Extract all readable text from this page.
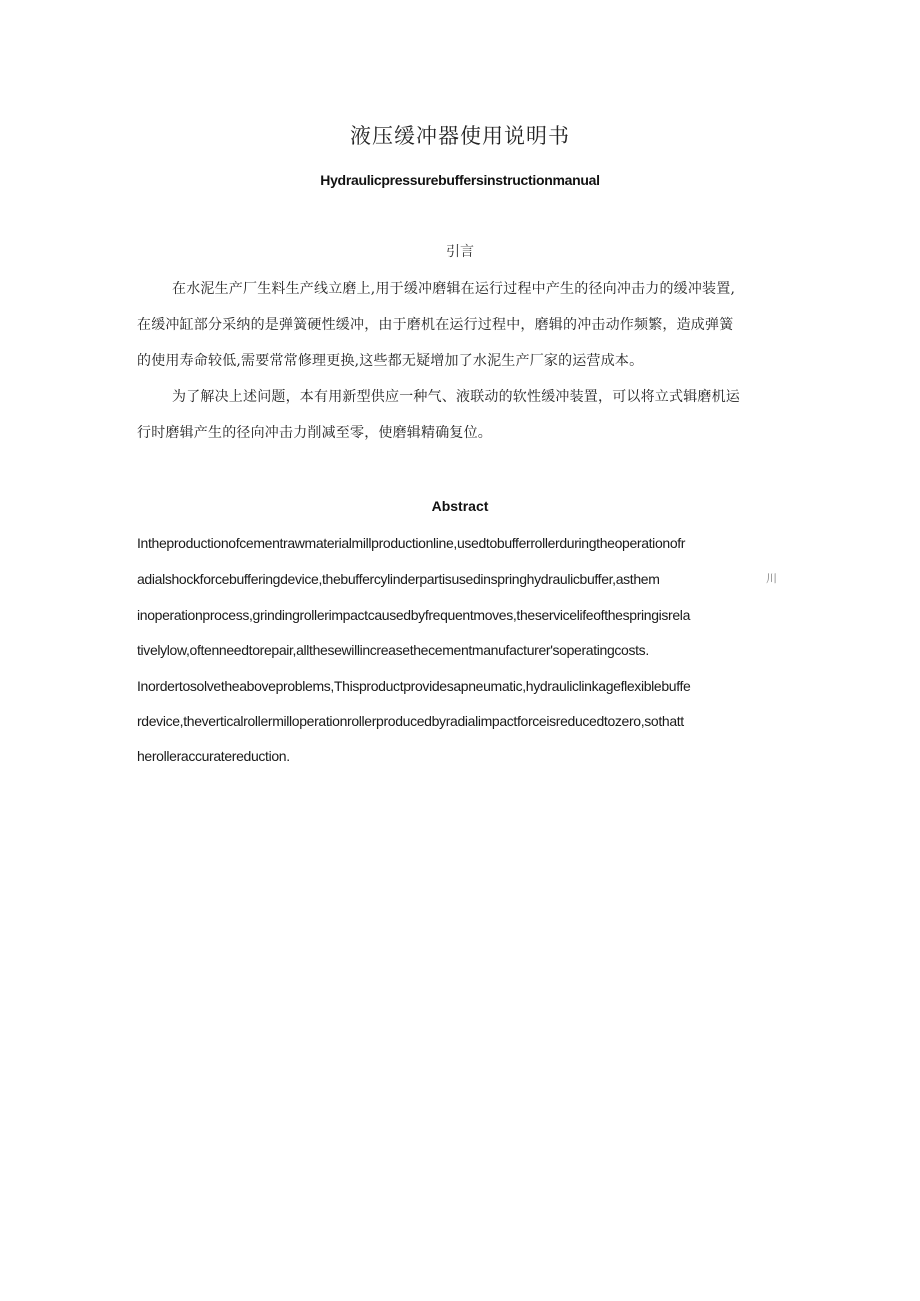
液压缓冲器使用说明书
Hydraulicpressurebuffersinstructionmanual
引言
在水泥生产厂生料生产线立磨上,用于缓冲磨辑在运行过程中产生的径向冲击力的缓冲装置,
在缓冲缸部分采纳的是弹簧硬性缓冲，由于磨机在运行过程中，磨辑的冲击动作频繁，造成弹簧
的使用寿命较低,需要常常修理更换,这些都无疑增加了水泥生产厂家的运营成本。
为了解决上述问题，本有用新型供应一种气、液联动的软性缓冲装置，可以将立式辑磨机运
行时磨辑产生的径向冲击力削减至零，使磨辑精确复位。
Abstract
Intheproductionofcementrawmaterialmillproductionline,usedtobufferrollerduringtheoperationofr
adialshockforcebufferingdevice,thebuffercylinderpartisusedinspringhydraulicbuffer,asthem	川
inoperationprocess,grindingrollerimpactcausedbyfrequentmoves,theservicelifeofthespringisrela
tivelylow,oftenneedtorepair,allthesewillincreasethecementmanufacturer'soperatingcosts.
Inordertosolvetheaboveproblems,Thisproductprovidesapneumatic,hydrauliclinkageflexiblebuffe
rdevice,theverticalrollermilloperationrollerproducedbyradialimpactforceisreducedtozero,sothatt
herolleraccuratereduction.
